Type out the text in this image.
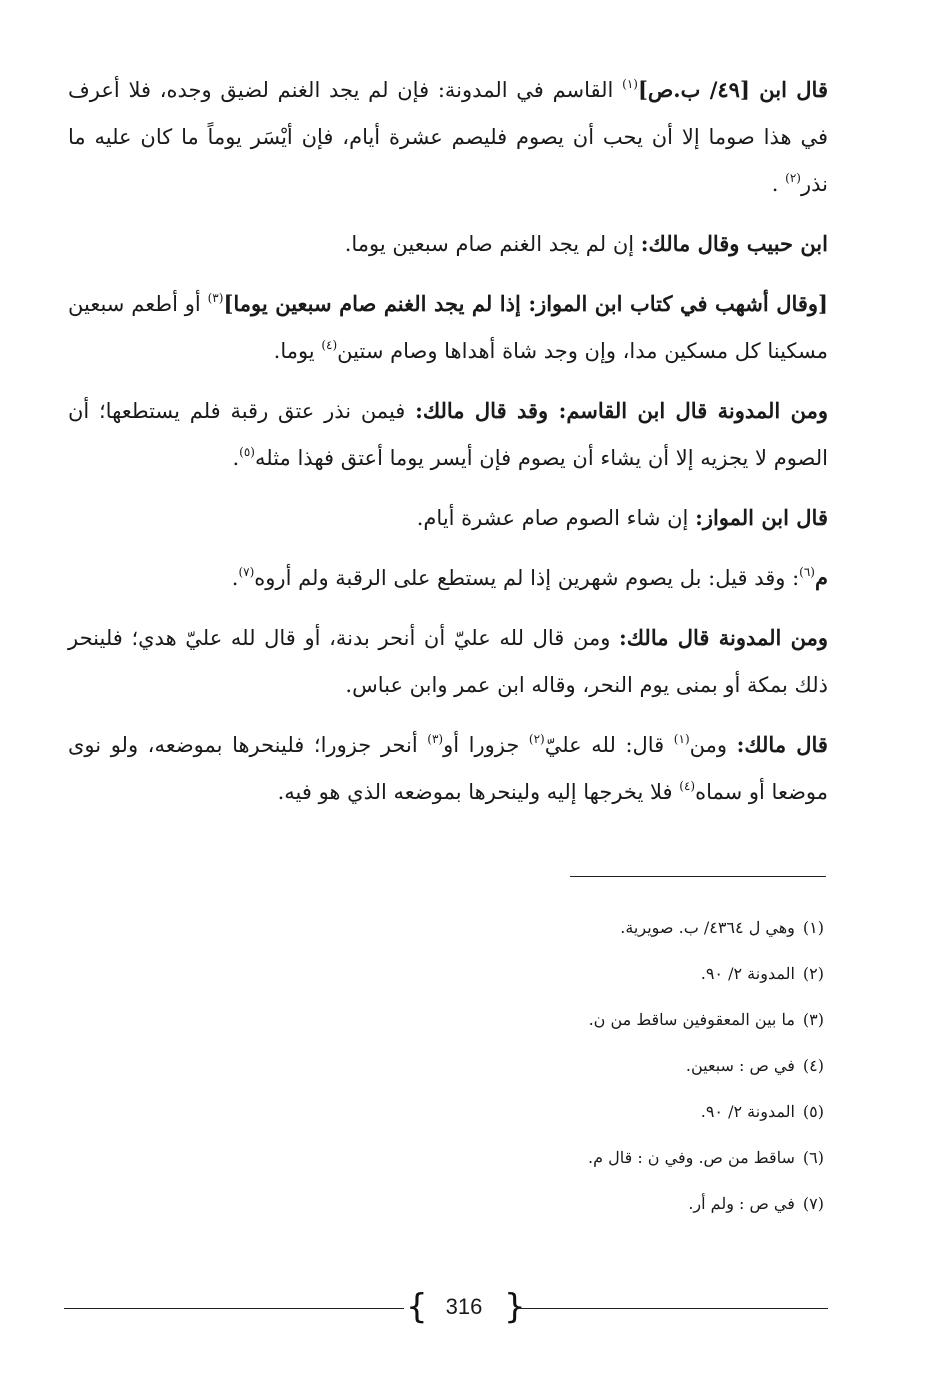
قال ابن [٤٩/ ب.ص]$^{(١)}$ القاسم في المدونة: فإن لم يجد الغنم لضيق وجده، فلا أعرف في هذا صوما إلا أن يحب أن يصوم فليصم عشرة أيام، فإن أيْسَر يوماً ما كان عليه ما نذر$^{(٢)}$ .

ابن حبيب وقال مالك: إن لم يجد الغنم صام سبعين يوما.

[وقال أشهب في كتاب ابن المواز: إذا لم يجد الغنم صام سبعين يوما]$^{(٣)}$ أو أطعم سبعين مسكينا كل مسكين مدا، وإن وجد شاة أهداها وصام ستين$^{(٤)}$ يوما.

ومن المدونة قال ابن القاسم: وقد قال مالك: فيمن نذر عتق رقبة فلم يستطعها؛ أن الصوم لا يجزيه إلا أن يشاء أن يصوم فإن أيسر يوما أعتق فهذا مثله$^{(٥)}$.

قال ابن المواز: إن شاء الصوم صام عشرة أيام.

م$^{(٦)}$: وقد قيل: بل يصوم شهرين إذا لم يستطع على الرقبة ولم أروه$^{(٧)}$.

ومن المدونة قال مالك: ومن قال لله عليّ أن أنحر بدنة، أو قال لله عليّ هدي؛ فلينحر ذلك بمكة أو بمنى يوم النحر، وقاله ابن عمر وابن عباس.

قال مالك: ومن$^{(١)}$ قال: لله عليّ$^{(٢)}$ جزورا أو$^{(٣)}$ أنحر جزورا؛ فلينحرها بموضعه، ولو نوى موضعا أو سماه$^{(٤)}$ فلا يخرجها إليه ولينحرها بموضعه الذي هو فيه.

(١)وهي ل ٤٣٦٤/ ب. صويرية.

(٢)المدونة ٢/ ٩٠.

(٣)ما بين المعقوفين ساقط من ن.

(٤)في ص : سبعين.

(٥)المدونة ٢/ ٩٠.

(٦)ساقط من ص. وفي ن : قال م.

(٧)في ص : ولم أر.

{ 316 }
